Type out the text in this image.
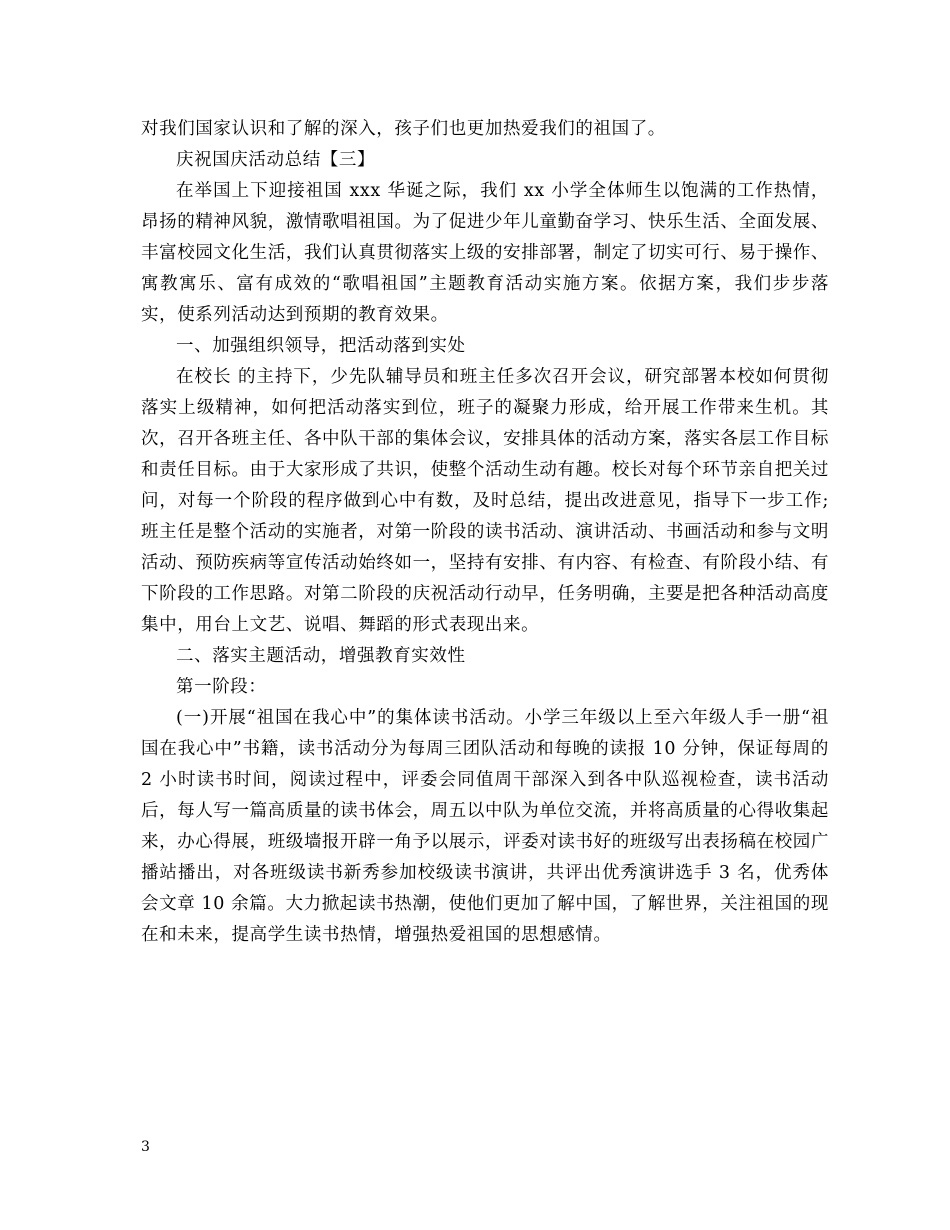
对我们国家认识和了解的深入，孩子们也更加热爱我们的祖国了。

庆祝国庆活动总结【三】

在举国上下迎接祖国 xxx 华诞之际，我们 xx 小学全体师生以饱满的工作热情，昂扬的精神风貌，激情歌唱祖国。为了促进少年儿童勤奋学习、快乐生活、全面发展、丰富校园文化生活，我们认真贯彻落实上级的安排部署，制定了切实可行、易于操作、寓教寓乐、富有成效的“歌唱祖国”主题教育活动实施方案。依据方案，我们步步落实，使系列活动达到预期的教育效果。

一、加强组织领导，把活动落到实处

在校长 的主持下，少先队辅导员和班主任多次召开会议，研究部署本校如何贯彻落实上级精神，如何把活动落实到位，班子的凝聚力形成，给开展工作带来生机。其次，召开各班主任、各中队干部的集体会议，安排具体的活动方案，落实各层工作目标和责任目标。由于大家形成了共识，使整个活动生动有趣。校长对每个环节亲自把关过问，对每一个阶段的程序做到心中有数，及时总结，提出改进意见，指导下一步工作;班主任是整个活动的实施者，对第一阶段的读书活动、演讲活动、书画活动和参与文明活动、预防疾病等宣传活动始终如一，坚持有安排、有内容、有检查、有阶段小结、有下阶段的工作思路。对第二阶段的庆祝活动行动早，任务明确，主要是把各种活动高度集中，用台上文艺、说唱、舞蹈的形式表现出来。

二、落实主题活动，增强教育实效性

第一阶段：

(一)开展“祖国在我心中”的集体读书活动。小学三年级以上至六年级人手一册“祖国在我心中”书籍，读书活动分为每周三团队活动和每晚的读报 10 分钟，保证每周的 2 小时读书时间，阅读过程中，评委会同值周干部深入到各中队巡视检查，读书活动后，每人写一篇高质量的读书体会，周五以中队为单位交流，并将高质量的心得收集起来，办心得展，班级墙报开辟一角予以展示，评委对读书好的班级写出表扬稿在校园广播站播出，对各班级读书新秀参加校级读书演讲，共评出优秀演讲选手 3 名，优秀体会文章 10 余篇。大力掀起读书热潮，使他们更加了解中国，了解世界，关注祖国的现在和未来，提高学生读书热情，增强热爱祖国的思想感情。

3
